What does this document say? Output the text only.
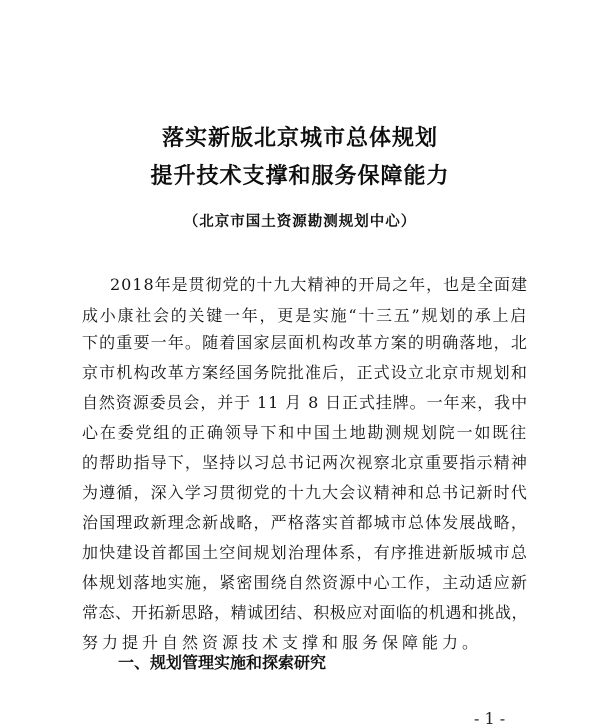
落实新版北京城市总体规划
提升技术支撑和服务保障能力
（北京市国土资源勘测规划中心）
2018年是贯彻党的十九大精神的开局之年，也是全面建
成小康社会的关键一年，更是实施“十三五”规划的承上启
下的重要一年。随着国家层面机构改革方案的明确落地，北
京市机构改革方案经国务院批准后，正式设立北京市规划和
自然资源委员会，并于 11 月 8 日正式挂牌。一年来，我中
心在委党组的正确领导下和中国土地勘测规划院一如既往
的帮助指导下，坚持以习总书记两次视察北京重要指示精神
为遵循，深入学习贯彻党的十九大会议精神和总书记新时代
治国理政新理念新战略，严格落实首都城市总体发展战略，
加快建设首都国土空间规划治理体系，有序推进新版城市总
体规划落地实施，紧密围绕自然资源中心工作，主动适应新
常态、开拓新思路，精诚团结、积极应对面临的机遇和挑战，
努力提升自然资源技术支撑和服务保障能力。
一、规划管理实施和探索研究
- 1 -
